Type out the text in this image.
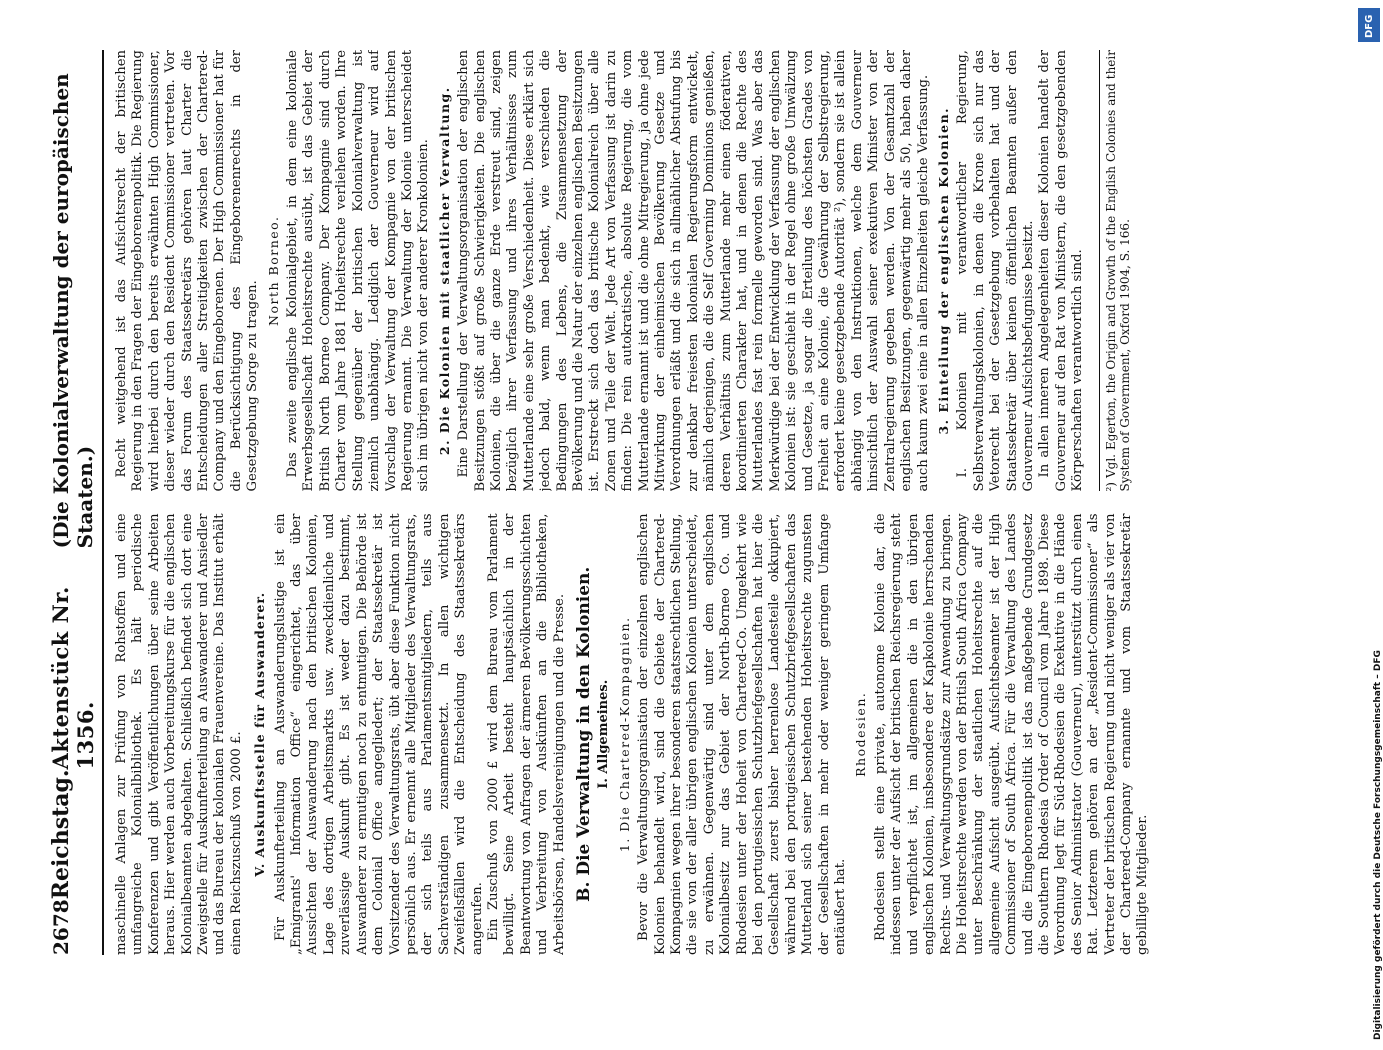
2678
Reichstag.
Aktenstück Nr. 1356.
(Die Kolonialverwaltung der europäischen Staaten.)

maschinelle Anlagen zur Prüfung von Rohstoffen und eine umfangreiche Kolonialbibliothek. Es hält periodische Konferenzen und gibt Veröffentlichungen über seine Arbeiten heraus. Hier werden auch Vorbereitungskurse für die englischen Kolonialbeamten abgehalten. Schließlich befindet sich dort eine Zweigstelle für Auskunfterteilung an Auswanderer und Ansiedler und das Bureau der kolonialen Frauenvereine. Das Institut erhält einen Reichszuschuß von 2000 £. V. Auskunftsstelle für Auswanderer. Für Auskunfterteilung an Auswanderungslustige ist ein „Emigrants' Information Office“ eingerichtet, das über Aussichten der Auswanderung nach den britischen Kolonien, Lage des dortigen Arbeitsmarkts usw. zweckdienliche und zuverlässige Auskunft gibt. Es ist weder dazu bestimmt, Auswanderer zu ermutigen noch zu entmutigen. Die Behörde ist dem Colonial Office angegliedert; der Staatssekretär ist Vorsitzender des Verwaltungsrats, übt aber diese Funktion nicht persönlich aus. Er ernennt alle Mitglieder des Verwaltungsrats, der sich teils aus Parlamentsmitgliedern, teils aus Sachverständigen zusammensetzt. In allen wichtigen Zweifelsfällen wird die Entscheidung des Staatssekretärs angerufen. Ein Zuschuß von 2000 £ wird dem Bureau vom Parlament bewilligt. Seine Arbeit besteht hauptsächlich in der Beantwortung von Anfragen der ärmeren Bevölkerungsschichten und Verbreitung von Auskünften an die Bibliotheken, Arbeitsbörsen, Handelsvereinigungen und die Presse. B. Die Verwaltung in den Kolonien. I. Allgemeines. 1. Die Chartered-Kompagnien. Bevor die Verwaltungsorganisation der einzelnen englischen Kolonien behandelt wird, sind die Gebiete der Chartered-Kompagnien wegen ihrer besonderen staatsrechtlichen Stellung, die sie von der aller übrigen englischen Kolonien unterscheidet, zu erwähnen. Gegenwärtig sind unter dem englischen Kolonialbesitz nur das Gebiet der North-Borneo Co. und Rhodesien unter der Hoheit von Chartered-Co. Umgekehrt wie bei den portugiesischen Schutzbriefgesellschaften hat hier die Gesellschaft zuerst bisher herrenlose Landesteile okkupiert, während bei den portugiesischen Schutzbriefgesellschaften das Mutterland sich seiner bestehenden Hoheitsrechte zugunsten der Gesellschaften in mehr oder weniger geringem Umfange entäußert hat.

Rhodesien. Rhodesien stellt eine private, autonome Kolonie dar, die indessen unter der Aufsicht der britischen Reichsregierung steht und verpflichtet ist, im allgemeinen die in den übrigen englischen Kolonien, insbesondere der Kapkolonie herrschenden Rechts- und Verwaltungsgrundsätze zur Anwendung zu bringen. Die Hoheitsrechte werden von der British South Africa Company unter Beschränkung der staatlichen Hoheitsrechte auf die allgemeine Aufsicht ausgeübt. Aufsichtsbeamter ist der High Commissioner of South Africa. Für die Verwaltung des Landes und die Eingeborenenpolitik ist das maßgebende Grundgesetz die Southern Rhodesia Order of Council vom Jahre 1898. Diese Verordnung legt für Süd-Rhodesien die Exekutive in die Hände des Senior Administrator (Gouverneur), unterstützt durch einen Rat. Letzterem gehören an der „Resident-Commissioner“ als Vertreter der britischen Regierung und nicht weniger als vier von der Chartered-Company ernannte und vom Staatssekretär gebilligte Mitglieder.

Recht weitgehend ist das Aufsichtsrecht der britischen Regierung in den Fragen der Eingeborenenpolitik. Die Regierung wird hierbei durch den bereits erwähnten High Commissioner, dieser wieder durch den Resident Commissioner vertreten. Vor das Forum des Staatssekretärs gehören laut Charter die Entscheidungen aller Streitigkeiten zwischen der Chartered-Company und den Eingeborenen. Der High Commissioner hat für die Berücksichtigung des Eingeborenenrechts in der Gesetzgebung Sorge zu tragen.

North Borneo. Das zweite englische Kolonialgebiet, in dem eine koloniale Erwerbsgesellschaft Hoheitsrechte ausübt, ist das Gebiet der British North Borneo Company. Der Kompagnie sind durch Charter vom Jahre 1881 Hoheitsrechte verliehen worden. Ihre Stellung gegenüber der britischen Kolonialverwaltung ist ziemlich unabhängig. Lediglich der Gouverneur wird auf Vorschlag der Verwaltung der Kompagnie von der britischen Regierung ernannt. Die Verwaltung der Kolonie unterscheidet sich im übrigen nicht von der anderer Kronkolonien. 2. Die Kolonien mit staatlicher Verwaltung. Eine Darstellung der Verwaltungsorganisation der englischen Besitzungen stößt auf große Schwierigkeiten. Die englischen Kolonien, die über die ganze Erde verstreut sind, zeigen bezüglich ihrer Verfassung und ihres Verhältnisses zum Mutterlande eine sehr große Verschiedenheit. Diese erklärt sich jedoch bald, wenn man bedenkt, wie verschieden die Bedingungen des Lebens, die Zusammensetzung der Bevölkerung und die Natur der einzelnen englischen Besitzungen ist. Erstreckt sich doch das britische Kolonialreich über alle Zonen und Teile der Welt. Jede Art von Verfassung ist darin zu finden: Die rein autokratische, absolute Regierung, die vom Mutterlande ernannt ist und die ohne Mitregierung, ja ohne jede Mitwirkung der einheimischen Bevölkerung Gesetze und Verordnungen erläßt und die sich in allmählicher Abstufung bis zur denkbar freiesten kolonialen Regierungsform entwickelt, nämlich derjenigen, die die Self Governing Dominions genießen, deren Verhältnis zum Mutterlande mehr einen föderativen, koordinierten Charakter hat, und in denen die Rechte des Mutterlandes fast rein formelle geworden sind. Was aber das Merkwürdige bei der Entwicklung der Verfassung der englischen Kolonien ist: sie geschieht in der Regel ohne große Umwälzung und Gesetze, ja sogar die Erteilung des höchsten Grades von Freiheit an eine Kolonie, die Gewährung der Selbstregierung, erfordert keine gesetzgebende Autorität ²), sondern sie ist allein abhängig von den Instruktionen, welche dem Gouverneur hinsichtlich der Auswahl seiner exekutiven Minister von der Zentralregierung gegeben werden. Von der Gesamtzahl der englischen Besitzungen, gegenwärtig mehr als 50, haben daher auch kaum zwei eine in allen Einzelheiten gleiche Verfassung. 3. Einteilung der englischen Kolonien. I. Kolonien mit verantwortlicher Regierung, Selbstverwaltungskolonien, in denen die Krone sich nur das Vetorecht bei der Gesetzgebung vorbehalten hat und der Staatssekretär über keinen öffentlichen Beamten außer den Gouverneur Aufsichtsbefugnisse besitzt. In allen inneren Angelegenheiten dieser Kolonien handelt der Gouverneur auf den Rat von Ministern, die den gesetzgebenden Körperschaften verantwortlich sind.	²) Vgl. Egerton, the Origin and Growth of the English Colonies and their System of Government, Oxford 1904, S. 166.
DFG
Digitalisierung gefördert durch die Deutsche Forschungsgemeinschaft – DFG
